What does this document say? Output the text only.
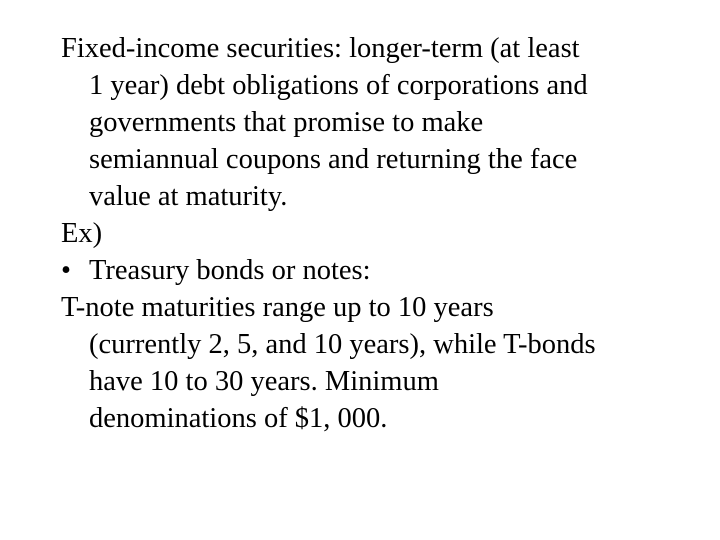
Fixed-income securities: longer-term (at least
1 year) debt obligations of corporations and
governments that promise to make
semiannual coupons and returning the face
value at maturity.
Ex)
• Treasury bonds or notes:
T-note maturities range up to 10 years
(currently 2, 5, and 10 years), while T-bonds
have 10 to 30 years. Minimum
denominations of $1, 000.
